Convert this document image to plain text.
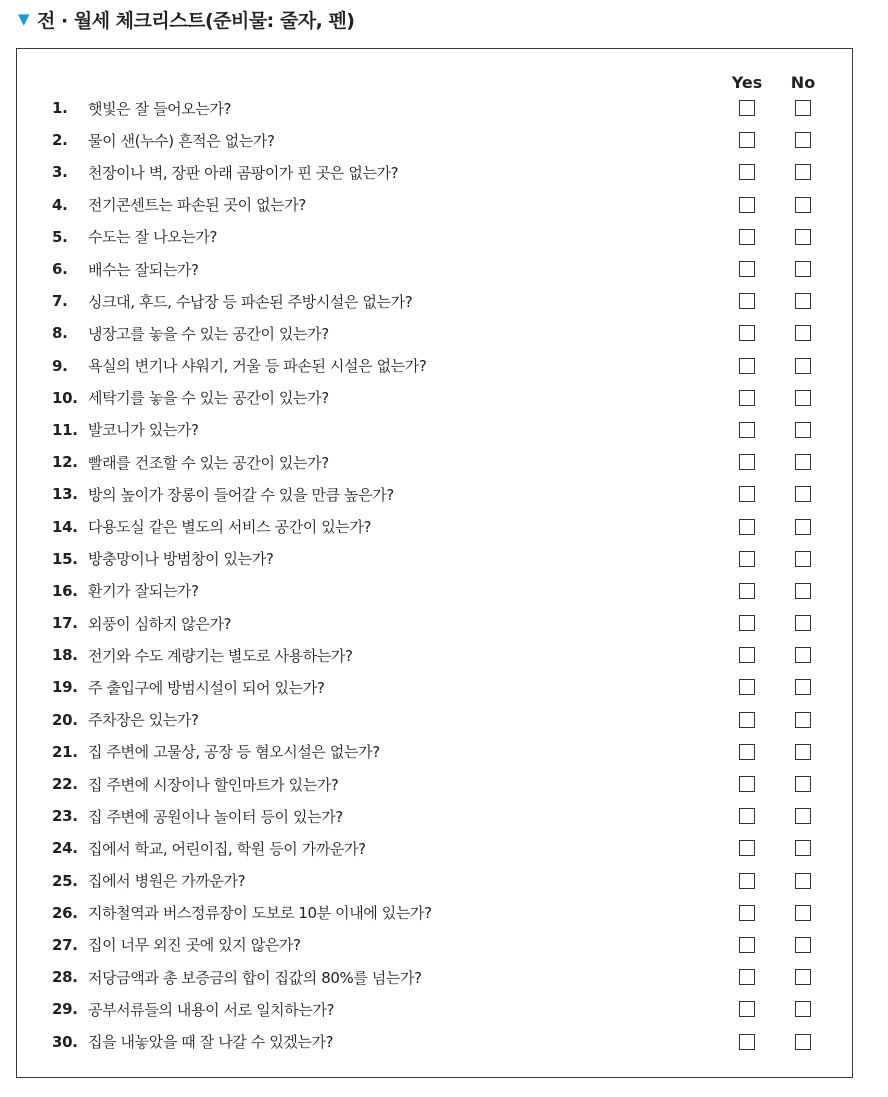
▼ 전 · 월세 체크리스트(준비물: 줄자, 펜)
Yes	No
1.	햇빛은 잘 들어오는가?
2.	물이 샌(누수) 흔적은 없는가?
3.	천장이나 벽, 장판 아래 곰팡이가 핀 곳은 없는가?
4.	전기콘센트는 파손된 곳이 없는가?
5.	수도는 잘 나오는가?
6.	배수는 잘되는가?
7.	싱크대, 후드, 수납장 등 파손된 주방시설은 없는가?
8.	냉장고를 놓을 수 있는 공간이 있는가?
9.	욕실의 변기나 샤워기, 거울 등 파손된 시설은 없는가?
10. 세탁기를 놓을 수 있는 공간이 있는가?
11. 발코니가 있는가?
12. 빨래를 건조할 수 있는 공간이 있는가?
13. 방의 높이가 장롱이 들어갈 수 있을 만큼 높은가?
14. 다용도실 같은 별도의 서비스 공간이 있는가?
15. 방충망이나 방범창이 있는가?
16. 환기가 잘되는가?
17. 외풍이 심하지 않은가?
18. 전기와 수도 계량기는 별도로 사용하는가?
19. 주 출입구에 방범시설이 되어 있는가?
20. 주차장은 있는가?
21. 집 주변에 고물상, 공장 등 혐오시설은 없는가?
22. 집 주변에 시장이나 할인마트가 있는가?
23. 집 주변에 공원이나 놀이터 등이 있는가?
24. 집에서 학교, 어린이집, 학원 등이 가까운가?
25. 집에서 병원은 가까운가?
26. 지하철역과 버스정류장이 도보로 10분 이내에 있는가?
27. 집이 너무 외진 곳에 있지 않은가?
28. 저당금액과 총 보증금의 합이 집값의 80%를 넘는가?
29. 공부서류들의 내용이 서로 일치하는가?
30. 집을 내놓았을 때 잘 나갈 수 있겠는가?
